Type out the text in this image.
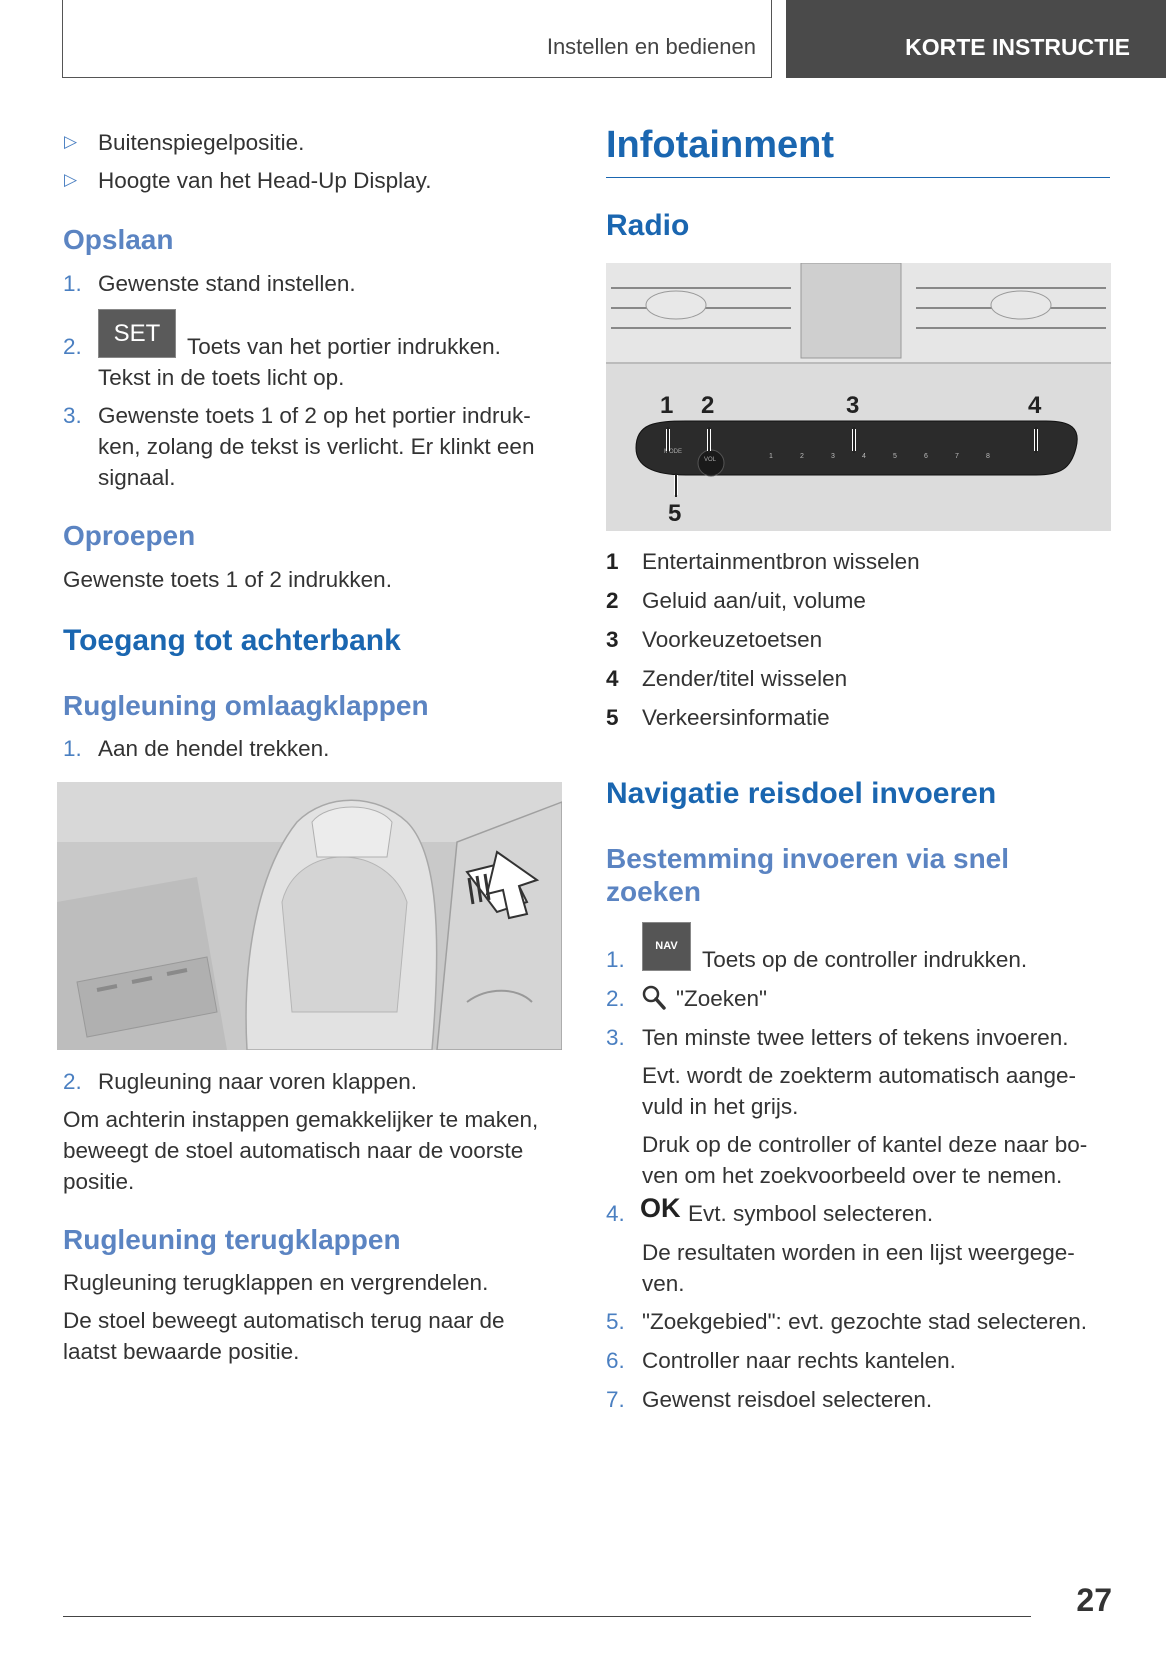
Instellen en bedienen	KORTE INSTRUCTIE
▷ Buitenspiegelpositie.
▷ Hoogte van het Head-Up Display.
Opslaan
1. Gewenste stand instellen.
2.	SET	Toets van het portier indrukken.
Tekst in de toets licht op.
3. Gewenste toets 1 of 2 op het portier indruk-
ken, zolang de tekst is verlicht. Er klinkt een
signaal.
Oproepen
Gewenste toets 1 of 2 indrukken.
Toegang tot achterbank
Rugleuning omlaagklappen
1. Aan de hendel trekken.
2. Rugleuning naar voren klappen.
Om achterin instappen gemakkelijker te maken,
beweegt de stoel automatisch naar de voorste
positie.
Rugleuning terugklappen
Rugleuning terugklappen en vergrendelen.
De stoel beweegt automatisch terug naar de
laatst bewaarde positie.
Infotainment
Radio
MODE
VOL	1	2	3	4	5	6	7	8
1 2	3	4
5
1 Entertainmentbron wisselen
2 Geluid aan/uit, volume
3 Voorkeuzetoetsen
4 Zender/titel wisselen
5 Verkeersinformatie
Navigatie reisdoel invoeren
Bestemming invoeren via snel
zoeken
1.
NAV
Toets op de controller indrukken.
2. "Zoeken"
3. Ten minste twee letters of tekens invoeren.
Evt. wordt de zoekterm automatisch aange-
vuld in het grijs.
Druk op de controller of kantel deze naar bo-
ven om het zoekvoorbeeld over te nemen.
4. OK Evt. symbool selecteren.
De resultaten worden in een lijst weergege-
ven.
5. "Zoekgebied": evt. gezochte stad selecteren.
6. Controller naar rechts kantelen.
7. Gewenst reisdoel selecteren.
27
